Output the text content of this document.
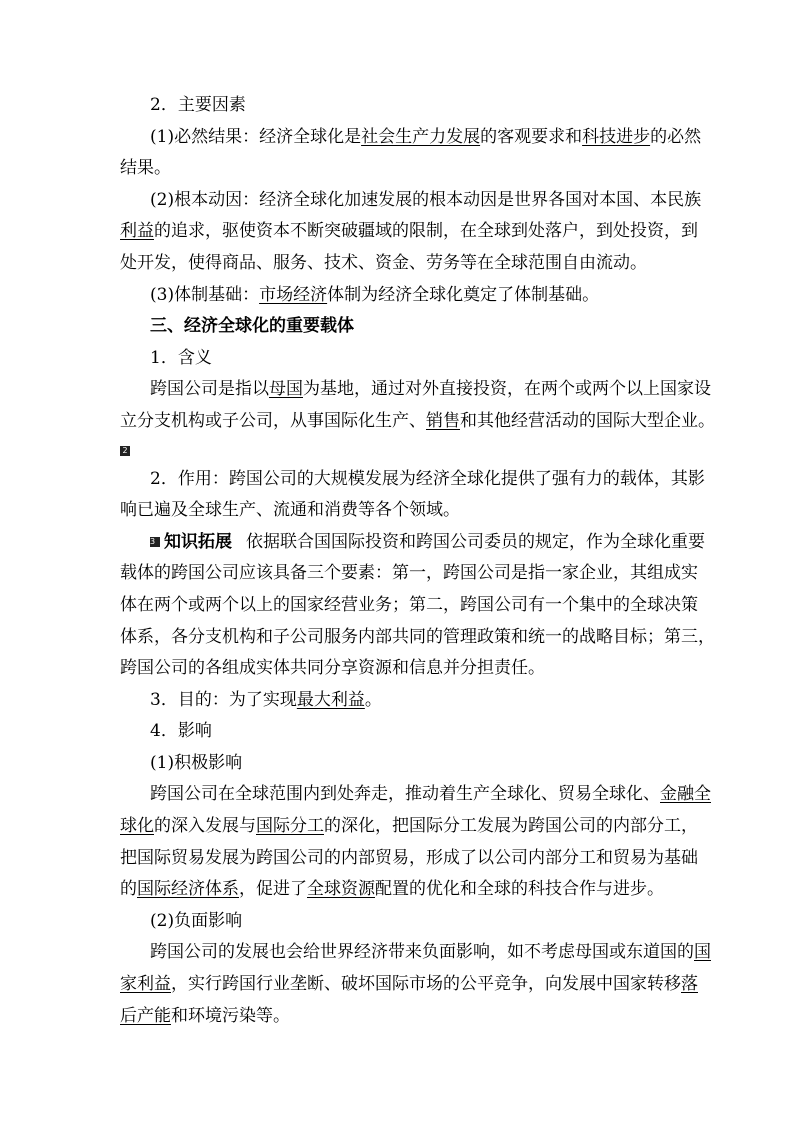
2．主要因素
(1)必然结果：经济全球化是社会生产力发展的客观要求和科技进步的必然
结果。
(2)根本动因：经济全球化加速发展的根本动因是世界各国对本国、本民族
利益的追求，驱使资本不断突破疆域的限制，在全球到处落户，到处投资，到
处开发，使得商品、服务、技术、资金、劳务等在全球范围自由流动。
(3)体制基础：市场经济体制为经济全球化奠定了体制基础。
三、经济全球化的重要载体
1．含义
跨国公司是指以母国为基地，通过对外直接投资，在两个或两个以上国家设
立分支机构或子公司，从事国际化生产、销售和其他经营活动的国际大型企业。
2
2．作用：跨国公司的大规模发展为经济全球化提供了强有力的载体，其影
响已遍及全球生产、流通和消费等各个领域。
3 知识拓展 依据联合国国际投资和跨国公司委员的规定，作为全球化重要
载体的跨国公司应该具备三个要素：第一，跨国公司是指一家企业，其组成实
体在两个或两个以上的国家经营业务；第二，跨国公司有一个集中的全球决策
体系，各分支机构和子公司服务内部共同的管理政策和统一的战略目标；第三，
跨国公司的各组成实体共同分享资源和信息并分担责任。
3．目的：为了实现最大利益。
4．影响
(1)积极影响
跨国公司在全球范围内到处奔走，推动着生产全球化、贸易全球化、金融全
球化的深入发展与国际分工的深化，把国际分工发展为跨国公司的内部分工，
把国际贸易发展为跨国公司的内部贸易，形成了以公司内部分工和贸易为基础
的国际经济体系，促进了全球资源配置的优化和全球的科技合作与进步。
(2)负面影响
跨国公司的发展也会给世界经济带来负面影响，如不考虑母国或东道国的国
家利益，实行跨国行业垄断、破坏国际市场的公平竞争，向发展中国家转移落
后产能和环境污染等。
